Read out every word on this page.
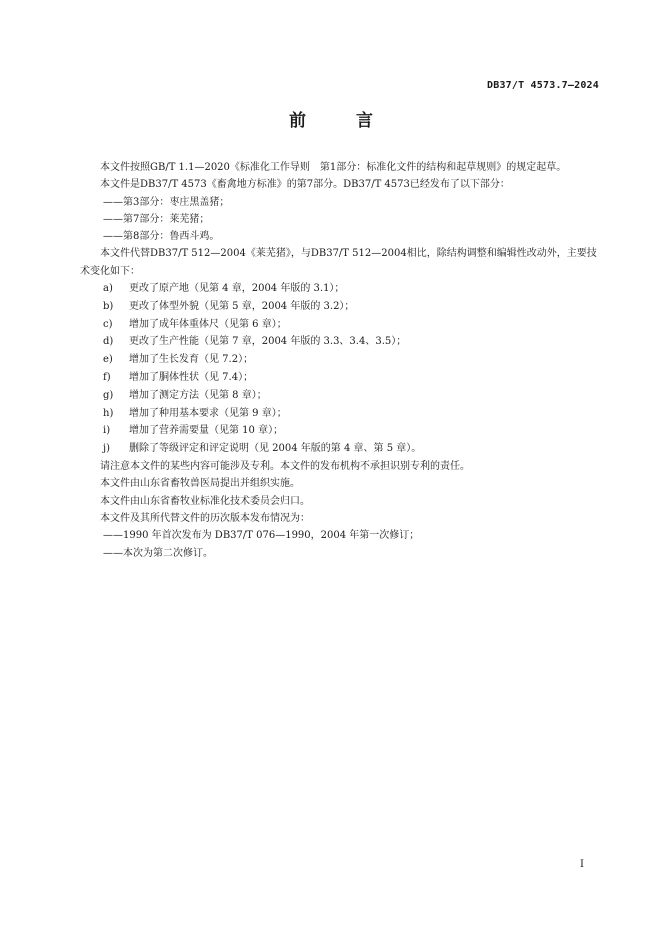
DB37/T 4573.7—2024
前 言

本文件按照GB/T 1.1—2020《标准化工作导则　第1部分：标准化文件的结构和起草规则》的规定起草。

本文件是DB37/T 4573《畜禽地方标准》的第7部分。DB37/T 4573已经发布了以下部分：

——第3部分：枣庄黑盖猪；

——第7部分：莱芜猪；

——第8部分：鲁西斗鸡。

本文件代替DB37/T 512—2004《莱芜猪》，与DB37/T 512—2004相比，除结构调整和编辑性改动外，主要技术变化如下：

a)	更改了原产地（见第 4 章，2004 年版的 3.1）；
b)	更改了体型外貌（见第 5 章，2004 年版的 3.2）；
c)	增加了成年体重体尺（见第 6 章）；
d)	更改了生产性能（见第 7 章，2004 年版的 3.3、3.4、3.5）；
e)	增加了生长发育（见 7.2）；
f)	增加了胴体性状（见 7.4）；
g)	增加了测定方法（见第 8 章）；
h)	增加了种用基本要求（见第 9 章）；
i)	增加了营养需要量（见第 10 章）；
j)	删除了等级评定和评定说明（见 2004 年版的第 4 章、第 5 章）。

请注意本文件的某些内容可能涉及专利。本文件的发布机构不承担识别专利的责任。

本文件由山东省畜牧兽医局提出并组织实施。

本文件由山东省畜牧业标准化技术委员会归口。

本文件及其所代替文件的历次版本发布情况为：

——1990 年首次发布为 DB37/T 076—1990，2004 年第一次修订；

——本次为第二次修订。

I
